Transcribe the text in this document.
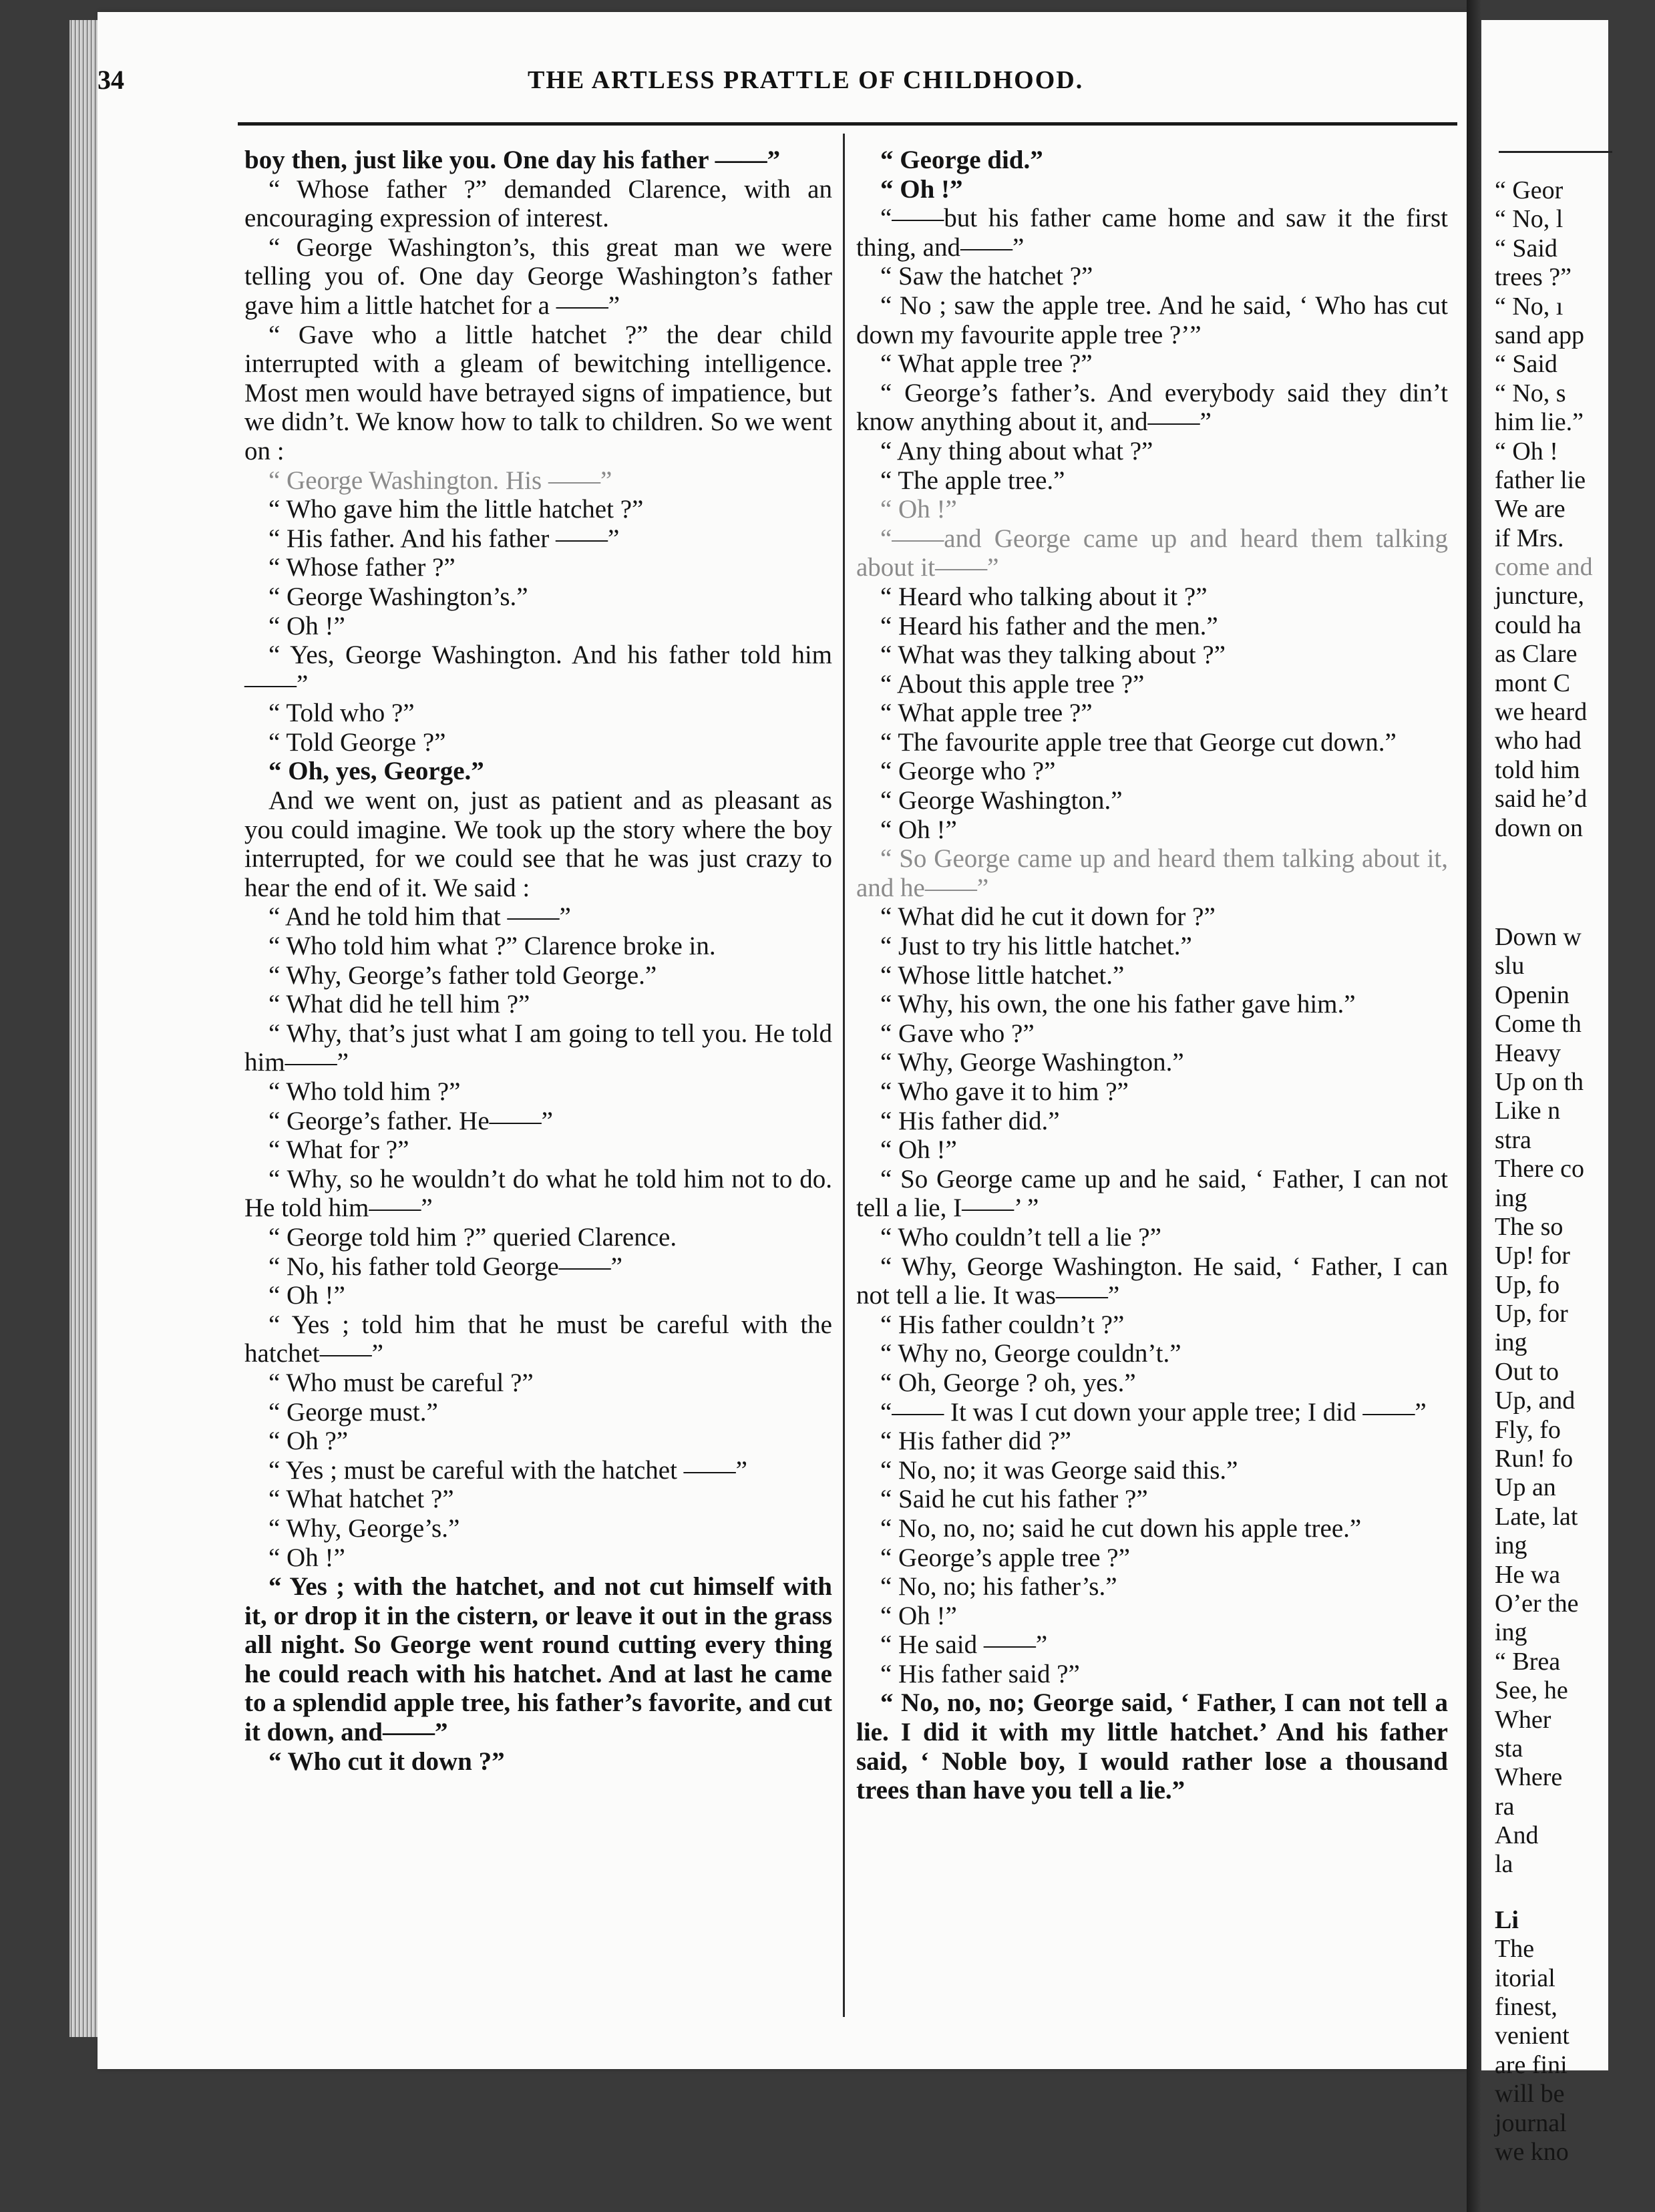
34	THE ARTLESS PRATTLE OF CHILDHOOD.

boy then, just like you. One day his father ——”

“ Whose father ?” demanded Clarence, with an encouraging expression of interest.

“ George Washington’s, this great man we were telling you of. One day George Washington’s father gave him a little hatchet for a ——”

“ Gave who a little hatchet ?” the dear child interrupted with a gleam of bewitching intelligence. Most men would have betrayed signs of impatience, but we didn’t. We know how to talk to children. So we went on :

“ George Washington. His ——”

“ Who gave him the little hatchet ?”

“ His father. And his father ——”

“ Whose father ?”

“ George Washington’s.”

“ Oh !”

“ Yes, George Washington. And his father told him ——”

“ Told who ?”

“ Told George ?”

“ Oh, yes, George.”

And we went on, just as patient and as pleasant as you could imagine. We took up the story where the boy interrupted, for we could see that he was just crazy to hear the end of it. We said :

“ And he told him that ——”

“ Who told him what ?” Clarence broke in.

“ Why, George’s father told George.”

“ What did he tell him ?”

“ Why, that’s just what I am going to tell you. He told him——”

“ Who told him ?”

“ George’s father. He——”

“ What for ?”

“ Why, so he wouldn’t do what he told him not to do. He told him——”

“ George told him ?” queried Clarence.

“ No, his father told George——”

“ Oh !”

“ Yes ; told him that he must be careful with the hatchet——”

“ Who must be careful ?”

“ George must.”

“ Oh ?”

“ Yes ; must be careful with the hatchet ——”

“ What hatchet ?”

“ Why, George’s.”

“ Oh !”

“ Yes ; with the hatchet, and not cut himself with it, or drop it in the cistern, or leave it out in the grass all night. So George went round cutting every thing he could reach with his hatchet. And at last he came to a splendid apple tree, his father’s favorite, and cut it down, and——”

“ Who cut it down ?”

“ George did.”

“ Oh !”

“——but his father came home and saw it the first thing, and——”

“ Saw the hatchet ?”

“ No ; saw the apple tree. And he said, ‘ Who has cut down my favourite apple tree ?’”

“ What apple tree ?”

“ George’s father’s. And everybody said they din’t know anything about it, and——”

“ Any thing about what ?”

“ The apple tree.”

“ Oh !”

“——and George came up and heard them talking about it——”

“ Heard who talking about it ?”

“ Heard his father and the men.”

“ What was they talking about ?”

“ About this apple tree ?”

“ What apple tree ?”

“ The favourite apple tree that George cut down.”

“ George who ?”

“ George Washington.”

“ Oh !”

“ So George came up and heard them talking about it, and he——”

“ What did he cut it down for ?”

“ Just to try his little hatchet.”

“ Whose little hatchet.”

“ Why, his own, the one his father gave him.”

“ Gave who ?”

“ Why, George Washington.”

“ Who gave it to him ?”

“ His father did.”

“ Oh !”

“ So George came up and he said, ‘ Father, I can not tell a lie, I——’ ”

“ Who couldn’t tell a lie ?”

“ Why, George Washington. He said, ‘ Father, I can not tell a lie. It was——”

“ His father couldn’t ?”

“ Why no, George couldn’t.”

“ Oh, George ? oh, yes.”

“—— It was I cut down your apple tree; I did ——”

“ His father did ?”

“ No, no; it was George said this.”

“ Said he cut his father ?”

“ No, no, no; said he cut down his apple tree.”

“ George’s apple tree ?”

“ No, no; his father’s.”

“ Oh !”

“ He said ——”

“ His father said ?”

“ No, no, no; George said, ‘ Father, I can not tell a lie. I did it with my little hatchet.’ And his father said, ‘ Noble boy, I would rather lose a thousand trees than have you tell a lie.”

“ Geor
“ No, l
“ Said
trees ?”
“ No, ı
sand app
“ Said
“ No, s
him lie.”
“ Oh !
father lie
We are
if Mrs.
come and
juncture,
could ha
as Clare
mont C
we heard
who had
told him
said he’d
down on
Down w
slu
Openin
Come th
Heavy
Up on th
Like n
stra
There co
ing
The so
Up! for
Up, fo
Up, for
ing
Out to
Up, and
Fly, fo
Run! fo
Up an
Late, lat
ing
He wa
O’er the
ing
“ Brea
See, he
Wher
sta
Where
ra
And
la
Li
The
itorial
finest,
venient
are fini
will be
journal
we kno
